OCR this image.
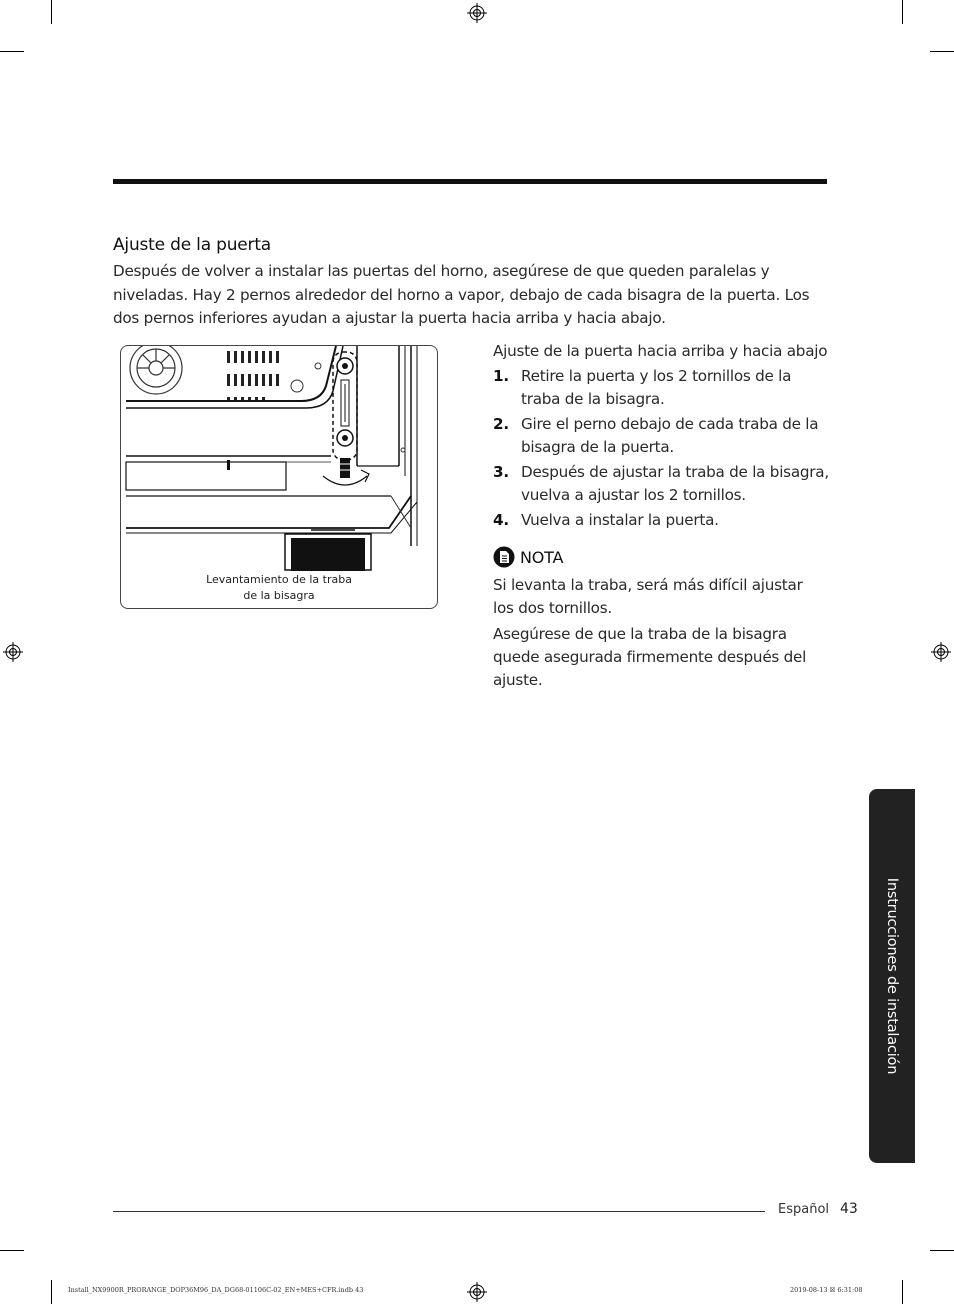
Ajuste de la puerta
Después de volver a instalar las puertas del horno, asegúrese de que queden paralelas y niveladas. Hay 2 pernos alrededor del horno a vapor, debajo de cada bisagra de la puerta. Los dos pernos inferiores ayudan a ajustar la puerta hacia arriba y hacia abajo.
Levantamiento de la traba
de la bisagra
Ajuste de la puerta hacia arriba y hacia abajo
1. Retire la puerta y los 2 tornillos de la traba de la bisagra.
2. Gire el perno debajo de cada traba de la bisagra de la puerta.
3. Después de ajustar la traba de la bisagra, vuelva a ajustar los 2 tornillos.
4. Vuelva a instalar la puerta.
NOTA
Si levanta la traba, será más difícil ajustar los dos tornillos.
Asegúrese de que la traba de la bisagra quede asegurada firmemente después del ajuste.
Instrucciones de instalación
Español 43
Install_NX9900R_PRORANGE_DOP36M96_DA_DG68-01106C-02_EN+MES+CFR.indb 43	2019-08-13 ☒ 6:31:08
